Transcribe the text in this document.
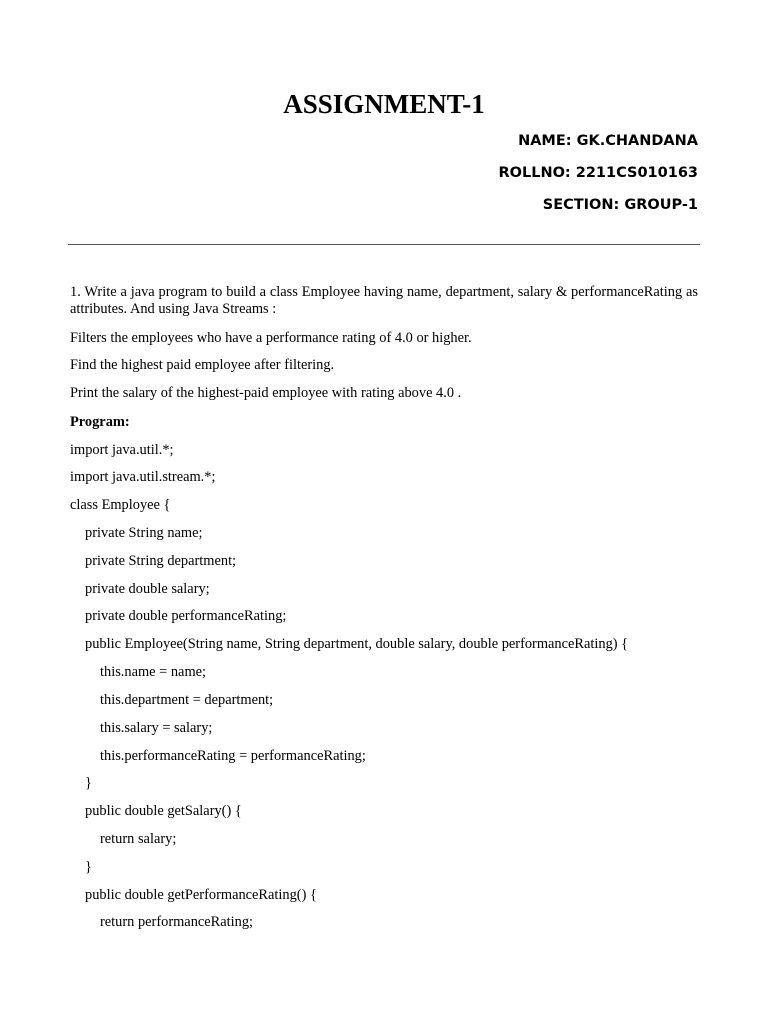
ASSIGNMENT-1
NAME: GK.CHANDANA
ROLLNO: 2211CS010163
SECTION: GROUP-1
1. Write a java program to build a class Employee having name, department, salary & performanceRating as attributes. And using Java Streams :
Filters the employees who have a performance rating of 4.0 or higher.
Find the highest paid employee after filtering.
Print the salary of the highest-paid employee with rating above 4.0 .
Program:
import java.util.*;
import java.util.stream.*;
class Employee {
private String name;
private String department;
private double salary;
private double performanceRating;
public Employee(String name, String department, double salary, double performanceRating) {
this.name = name;
this.department = department;
this.salary = salary;
this.performanceRating = performanceRating;
}
public double getSalary() {
return salary;
}
public double getPerformanceRating() {
return performanceRating;
